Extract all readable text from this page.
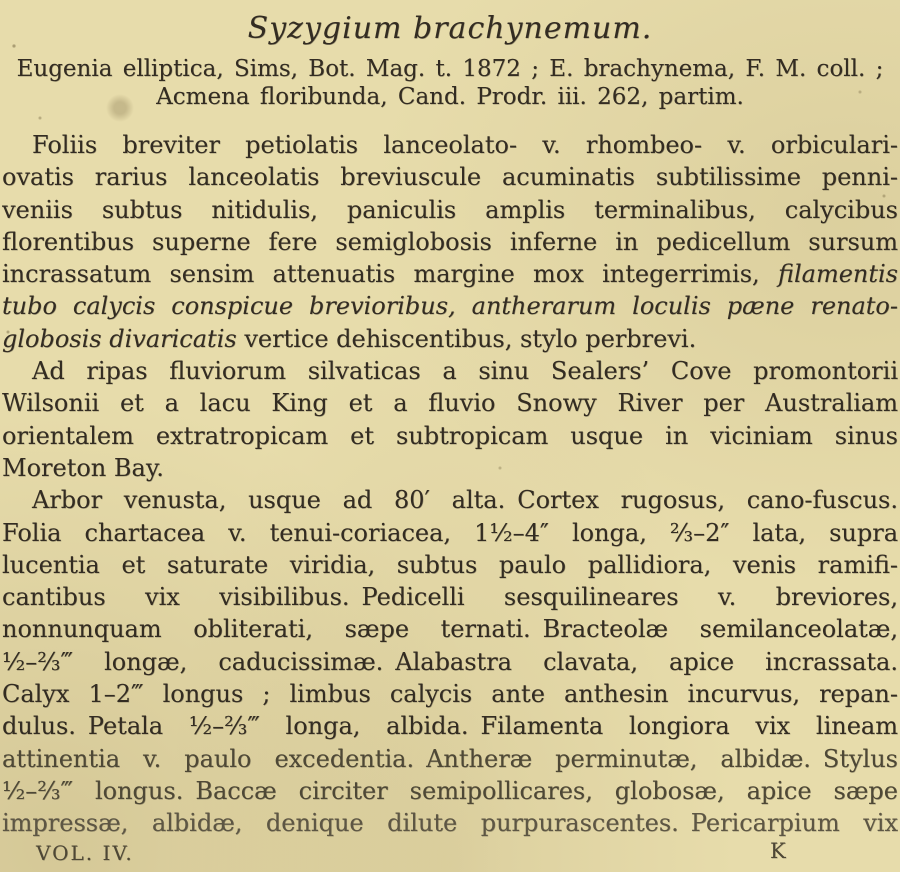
Syzygium brachynemum.
Eugenia elliptica, Sims, Bot. Mag. t. 1872 ; E. brachynema, F. M. coll. ;
Acmena floribunda, Cand. Prodr. iii. 262, partim.
Foliis breviter petiolatis lanceolato- v. rhombeo- v. orbiculari-
ovatis rarius lanceolatis breviuscule acuminatis subtilissime penni-
veniis subtus nitidulis, paniculis amplis terminalibus, calycibus
florentibus superne fere semiglobosis inferne in pedicellum sursum
incrassatum sensim attenuatis margine mox integerrimis, filamentis
tubo calycis conspicue brevioribus, antherarum loculis pæne renato-
globosis divaricatis vertice dehiscentibus, stylo perbrevi.
Ad ripas fluviorum silvaticas a sinu Sealers’ Cove promontorii
Wilsonii et a lacu King et a fluvio Snowy River per Australiam
orientalem extratropicam et subtropicam usque in viciniam sinus
Moreton Bay.
Arbor venusta, usque ad 80′ alta. Cortex rugosus, cano-fuscus.
Folia chartacea v. tenui-coriacea, 1½–4″ longa, ⅔–2″ lata, supra
lucentia et saturate viridia, subtus paulo pallidiora, venis ramifi-
cantibus vix visibilibus. Pedicelli sesquilineares v. breviores,
nonnunquam obliterati, sæpe ternati. Bracteolæ semilanceolatæ,
½–⅔‴ longæ, caducissimæ. Alabastra clavata, apice incrassata.
Calyx 1–2‴ longus ; limbus calycis ante anthesin incurvus, repan-
dulus. Petala ½–⅔‴ longa, albida. Filamenta longiora vix lineam
attinentia v. paulo excedentia. Antheræ perminutæ, albidæ. Stylus
½–⅔‴ longus. Baccæ circiter semipollicares, globosæ, apice sæpe
impressæ, albidæ, denique dilute purpurascentes. Pericarpium vix
VOL. IV.	K
